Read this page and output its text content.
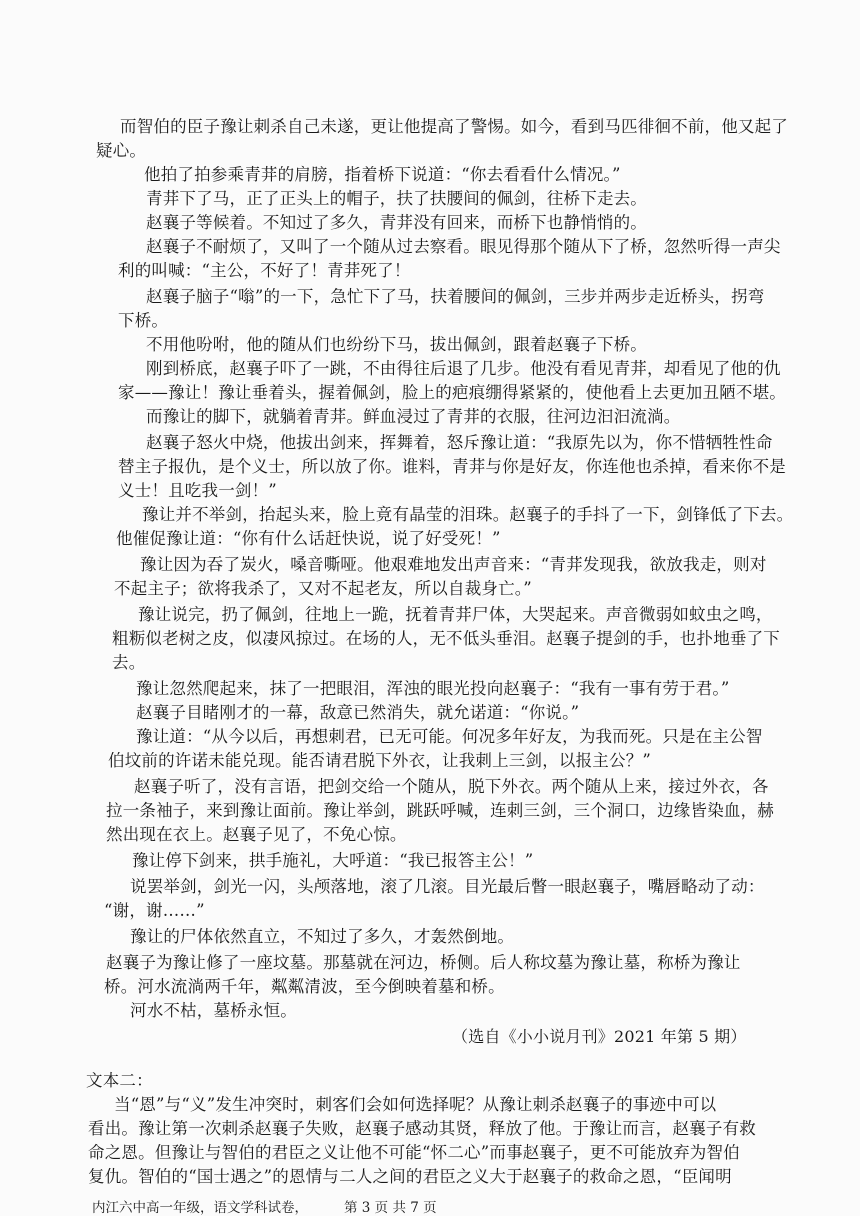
而智伯的臣子豫让刺杀自己未遂，更让他提高了警惕。如今，看到马匹徘徊不前，他又起了
疑心。
他拍了拍参乘青荓的肩膀，指着桥下说道：“你去看看什么情况。”
青荓下了马，正了正头上的帽子，扶了扶腰间的佩剑，往桥下走去。
赵襄子等候着。不知过了多久，青荓没有回来，而桥下也静悄悄的。
赵襄子不耐烦了，又叫了一个随从过去察看。眼见得那个随从下了桥，忽然听得一声尖
利的叫喊：“主公，不好了！青荓死了！
赵襄子脑子“嗡”的一下，急忙下了马，扶着腰间的佩剑，三步并两步走近桥头，拐弯
下桥。
不用他吩咐，他的随从们也纷纷下马，拔出佩剑，跟着赵襄子下桥。
刚到桥底，赵襄子吓了一跳，不由得往后退了几步。他没有看见青荓，却看见了他的仇
家——豫让！豫让垂着头，握着佩剑，脸上的疤痕绷得紧紧的，使他看上去更加丑陋不堪。
而豫让的脚下，就躺着青荓。鲜血浸过了青荓的衣服，往河边汩汩流淌。
赵襄子怒火中烧，他拔出剑来，挥舞着，怒斥豫让道：“我原先以为，你不惜牺牲性命
替主子报仇，是个义士，所以放了你。谁料，青荓与你是好友，你连他也杀掉，看来你不是
义士！且吃我一剑！”
豫让并不举剑，抬起头来，脸上竟有晶莹的泪珠。赵襄子的手抖了一下，剑锋低了下去。
他催促豫让道：“你有什么话赶快说，说了好受死！”
豫让因为吞了炭火，嗓音嘶哑。他艰难地发出声音来：“青荓发现我，欲放我走，则对
不起主子；欲将我杀了，又对不起老友，所以自裁身亡。”
豫让说完，扔了佩剑，往地上一跪，抚着青荓尸体，大哭起来。声音微弱如蚊虫之鸣，
粗粝似老树之皮，似凄风掠过。在场的人，无不低头垂泪。赵襄子提剑的手，也扑地垂了下
去。
豫让忽然爬起来，抹了一把眼泪，浑浊的眼光投向赵襄子：“我有一事有劳于君。”
赵襄子目睹刚才的一幕，敌意已然消失，就允诺道：“你说。”
豫让道：“从今以后，再想刺君，已无可能。何况多年好友，为我而死。只是在主公智
伯坟前的许诺未能兑现。能否请君脱下外衣，让我刺上三剑，以报主公？”
赵襄子听了，没有言语，把剑交给一个随从，脱下外衣。两个随从上来，接过外衣，各
拉一条袖子，来到豫让面前。豫让举剑，跳跃呼喊，连刺三剑，三个洞口，边缘皆染血，赫
然出现在衣上。赵襄子见了，不免心惊。
豫让停下剑来，拱手施礼，大呼道：“我已报答主公！”
说罢举剑，剑光一闪，头颅落地，滚了几滚。目光最后瞥一眼赵襄子，嘴唇略动了动：
“谢，谢……”
豫让的尸体依然直立，不知过了多久，才轰然倒地。
赵襄子为豫让修了一座坟墓。那墓就在河边，桥侧。后人称坟墓为豫让墓，称桥为豫让
桥。河水流淌两千年，粼粼清波，至今倒映着墓和桥。
河水不枯，墓桥永恒。
（选自《小小说月刊》2021 年第 5 期）
文本二：
当“恩”与“义”发生冲突时，刺客们会如何选择呢？从豫让刺杀赵襄子的事迹中可以
看出。豫让第一次刺杀赵襄子失败，赵襄子感动其贤，释放了他。于豫让而言，赵襄子有救
命之恩。但豫让与智伯的君臣之义让他不可能“怀二心”而事赵襄子，更不可能放弃为智伯
复仇。智伯的“国士遇之”的恩情与二人之间的君臣之义大于赵襄子的救命之恩，“臣闻明
内江六中高一年级，语文学科试卷，	第 3 页 共 7 页
